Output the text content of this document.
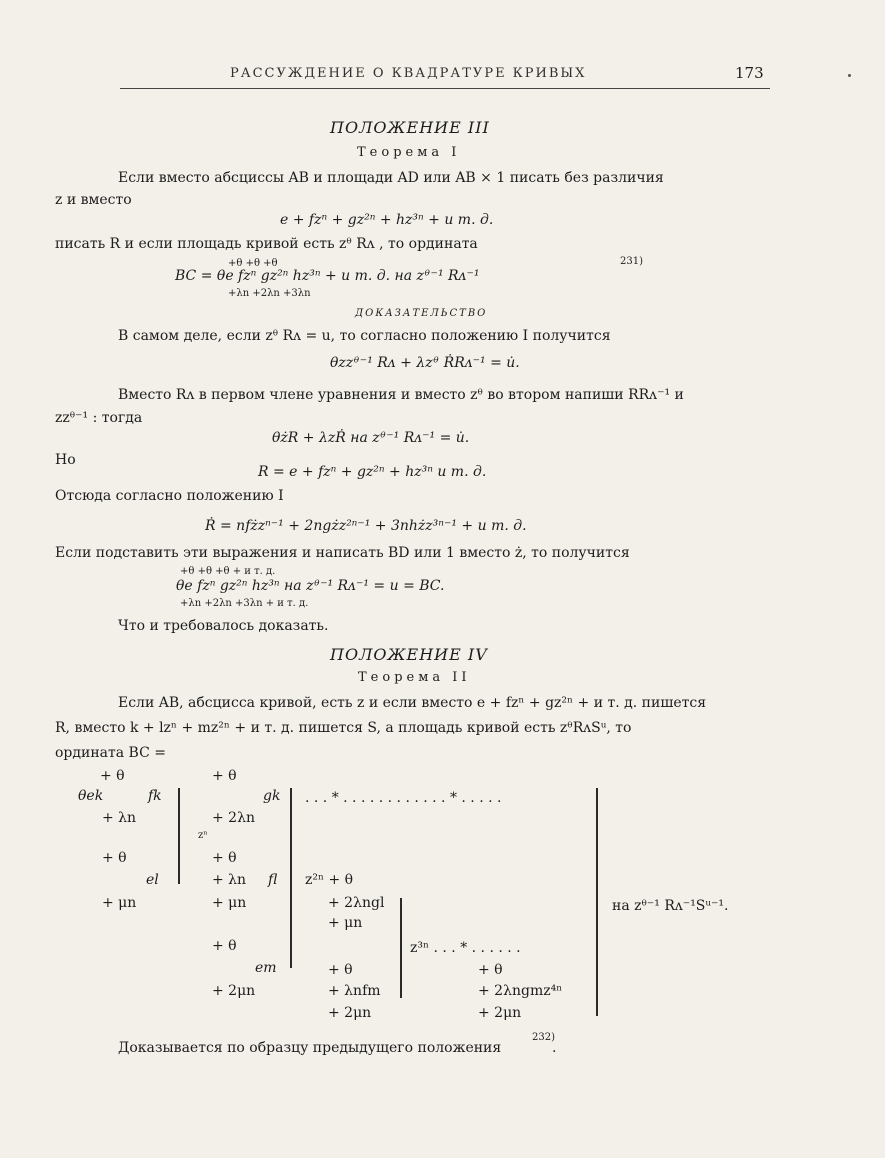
РАССУЖДЕНИЕ О КВАДРАТУРЕ КРИВЫХ	173
ПОЛОЖЕНИЕ III
Теорема I
Если вместо абсциссы AB и площади AD или AB × 1 писать без различия
z и вместо
e + fzⁿ + gz²ⁿ + hz³ⁿ + и т. д.
писать R и если площадь кривой есть zᶿ Rᴧ , то ордината
+θ +θ +θ
BC = θe fzⁿ gz²ⁿ hz³ⁿ + и т. д. на zᶿ⁻¹ Rᴧ⁻¹
231)
+λn +2λn +3λn
ДОКАЗАТЕЛЬСТВО
В самом деле, если zᶿ Rᴧ = u, то согласно положению I получится
θzzᶿ⁻¹ Rᴧ + λzᶿ ṘRᴧ⁻¹ = u̇.
Вместо Rᴧ в первом члене уравнения и вместо zᶿ во втором напиши RRᴧ⁻¹ и
zzᶿ⁻¹ : тогда
θżR + λzṘ на zᶿ⁻¹ Rᴧ⁻¹ = u̇.
Но
R = e + fzⁿ + gz²ⁿ + hz³ⁿ и т. д.
Отсюда согласно положению I
Ṙ = nfżzⁿ⁻¹ + 2ngżz²ⁿ⁻¹ + 3nhżz³ⁿ⁻¹ + и т. д.
Если подставить эти выражения и написать BD или 1 вместо ż, то получится
+θ +θ +θ + и т. д.
θe fzⁿ gz²ⁿ hz³ⁿ на zᶿ⁻¹ Rᴧ⁻¹ = u = BC.
+λn +2λn +3λn + и т. д.
Что и требовалось доказать.
ПОЛОЖЕНИЕ IV
Теорема II
Если AB, абсцисса кривой, есть z и если вместо e + fzⁿ + gz²ⁿ + и т. д. пишется
R, вместо k + lzⁿ + mz²ⁿ + и т. д. пишется S, а площадь кривой есть zᶿRᴧSᵘ, то
ордината BC =
+ θ	+ θ
θek	fk	gk . . . * . . . . . . . . . . . . * . . . . .
+ λn	+ 2λn
zⁿ
+ θ	+ θ
el	+ λn fl z²ⁿ + θ
+ μn	+ μn	+ 2λngl	на zᶿ⁻¹ Rᴧ⁻¹Sᵘ⁻¹.
+ μn
+ θ	z³ⁿ . . . * . . . . . .
em	+ θ	+ θ
+ 2μn	+ λnfm	+ 2λngmz⁴ⁿ
+ 2μn	+ 2μn
Доказывается по образцу предыдущего положения
232)
.
